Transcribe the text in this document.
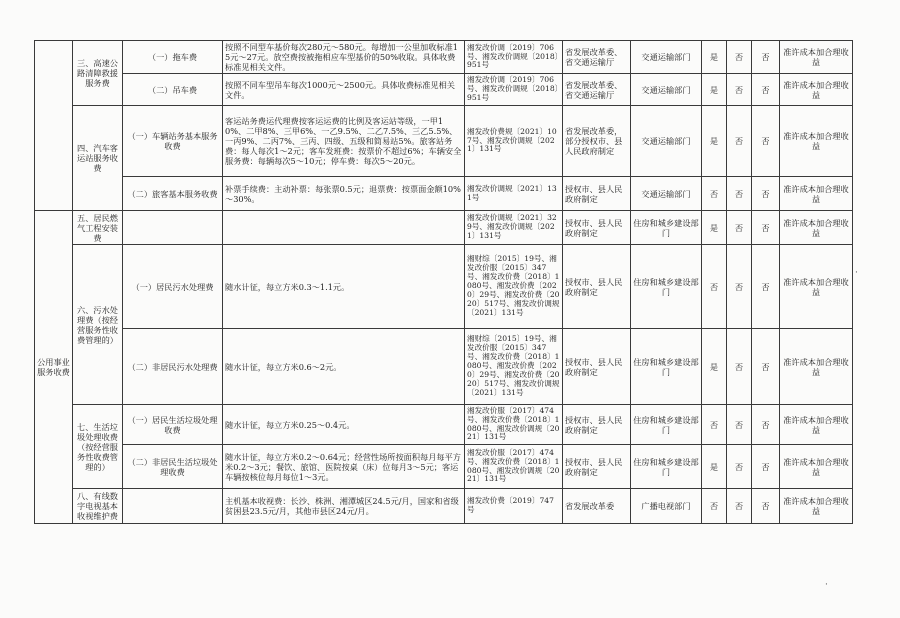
	三、高速公路清障救援服务费	（一）拖车费	按照不同型车基价每次280元～580元。每增加一公里加收标准15元～27元。放空费按被拖相应车型基价的50%收取。具体收费标准见相关文件。	湘发改价调〔2019〕706号、湘发改价调规〔2018〕951号	省发展改革委、省交通运输厅	交通运输部门	是	否	否	准许成本加合理收益
		（二）吊车费	按照不同车型吊车每次1000元～2500元。具体收费标准见相关文件。	湘发改价调〔2019〕706号、湘发改价调规〔2018〕951号	省发展改革委、省交通运输厅	交通运输部门	是	否	否	准许成本加合理收益
	四、汽车客运站服务收费	（一）车辆站务基本服务收费	客运站务费运代理费按客运运费的比例及客运站等级，一甲10%、二甲8%、三甲6%、一乙9.5%、二乙7.5%、三乙5.5%、一丙9%、二丙7%、三丙、四级、五级和简易站5%。旅客站务费：每人每次1～2元；客车发班费：按票价不超过6%；车辆安全服务费：每辆每次5～10元；停车费：每次5～20元。	湘发改价费规〔2021〕107号、湘发改价调规〔2021〕131号	省发展改革委，部分授权市、县人民政府制定	交通运输部门	是	否	否	准许成本加合理收益
		（二）旅客基本服务收费	补票手续费：主动补票：每张票0.5元；退票费：按票面金额10%～30%。	湘发改价调规〔2021〕131号	授权市、县人民政府制定	交通运输部门	否	否	否	准许成本加合理收益
公用事业服务收费	五、居民燃气工程安装费			湘发改价调规〔2021〕329号、湘发改价调规〔2021〕131号	授权市、县人民政府制定	住房和城乡建设部门	是	否	否	准许成本加合理收益
	六、污水处理费（按经营服务性收费管理的）	（一）居民污水处理费	随水计征，每立方米0.3～1.1元。	湘财综〔2015〕19号、湘发改价服〔2015〕347号、湘发改价费〔2018〕1080号、湘发改价费〔2020〕29号、湘发改价费〔2020〕517号、湘发改价调规〔2021〕131号	授权市、县人民政府制定	住房和城乡建设部门	否	否	否	准许成本加合理收益
		（二）非居民污水处理费	随水计征，每立方米0.6～2元。	湘财综〔2015〕19号、湘发改价服〔2015〕347号、湘发改价费〔2018〕1080号、湘发改价费〔2020〕29号、湘发改价费〔2020〕517号、湘发改价调规〔2021〕131号	授权市、县人民政府制定	住房和城乡建设部门	是	否	否	准许成本加合理收益
	七、生活垃圾处理收费（按经营服务性收费管理的）	（一）居民生活垃圾处理收费	随水计征，每立方米0.25～0.4元。	湘发改价服〔2017〕474号、湘发改价费〔2018〕1080号、湘发改价调规〔2021〕131号	授权市、县人民政府制定	住房和城乡建设部门	否	否	否	准许成本加合理收益
		（二）非居民生活垃圾处理收费	随水计征，每立方米0.2～0.64元；经营性场所按面积每月每平方米0.2～3元；餐饮、旅馆、医院按桌（床）位每月3～5元；客运车辆按核位每月每位1～3元。	湘发改价服〔2017〕474号、湘发改价费〔2018〕1080号、湘发改价调规〔2021〕131号	授权市、县人民政府制定	住房和城乡建设部门	是	否	否	准许成本加合理收益
	八、有线数字电视基本收视维护费		主机基本收视费：长沙、株洲、湘潭城区24.5元/月，国家和省级贫困县23.5元/月，其他市县区24元/月。	湘发改价费〔2019〕747号	省发展改革委	广播电视部门	否	否	否	准许成本加合理收益
·
·
